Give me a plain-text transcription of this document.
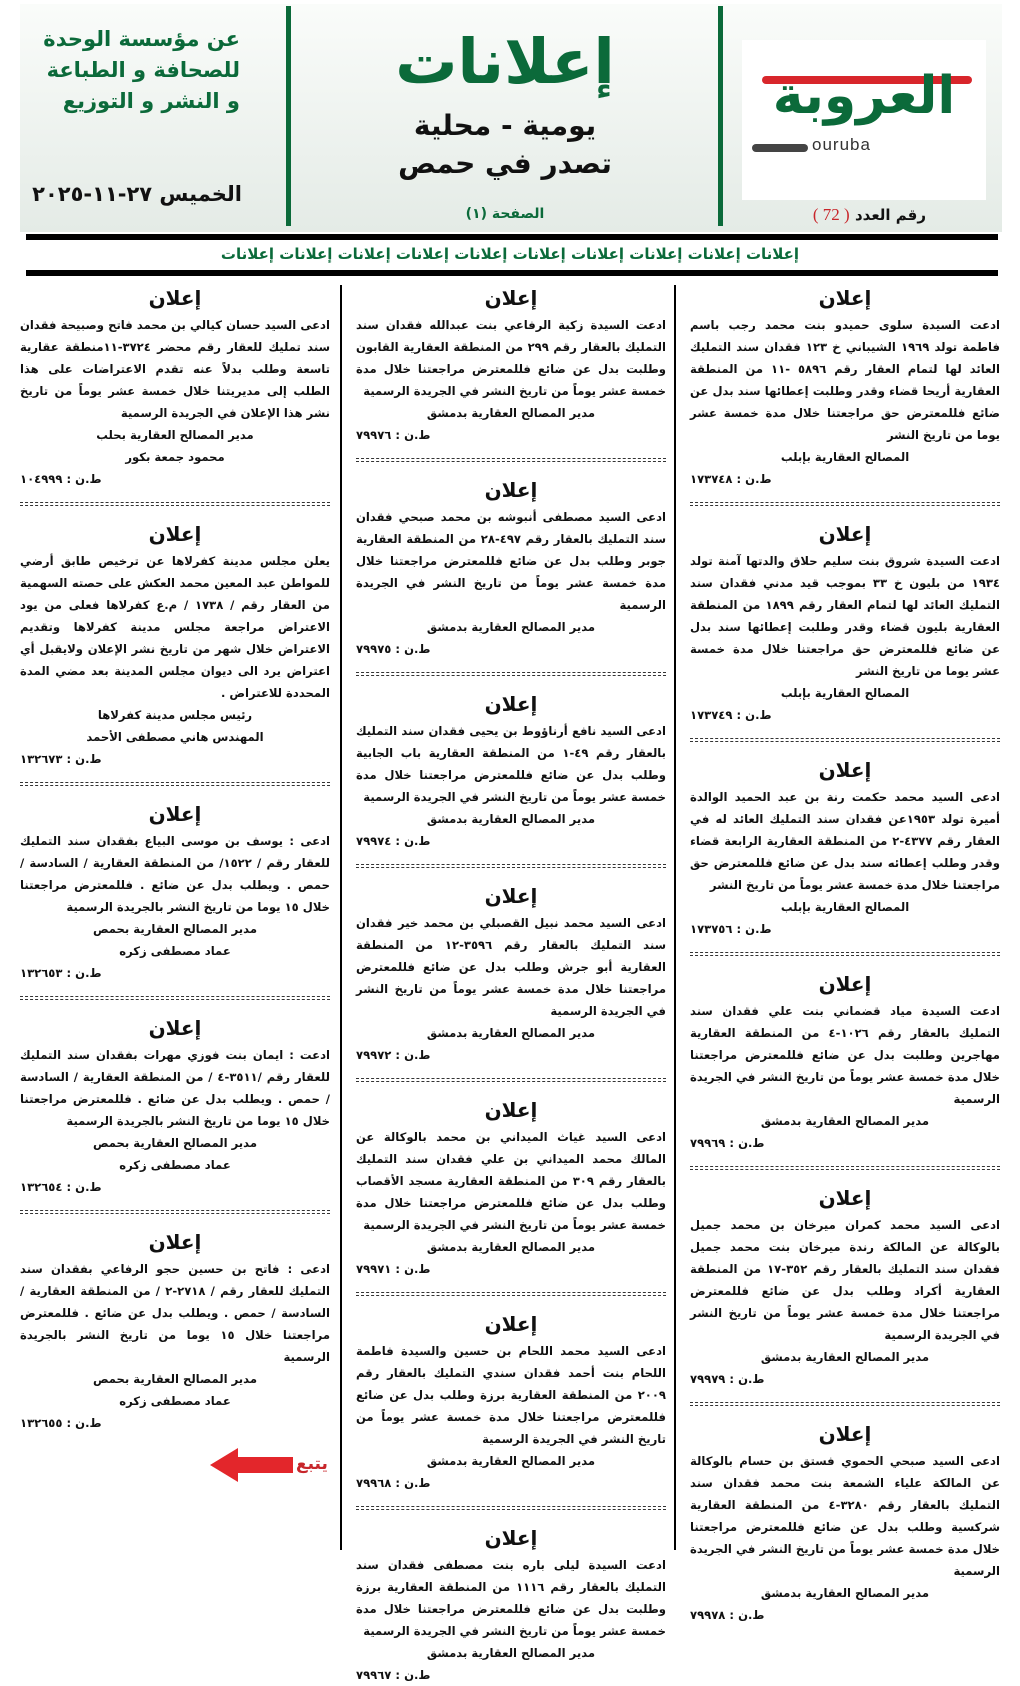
العروبة
ouruba
رقم العدد ( 72 )
إعلانات
يومية - محلية
تصدر في حمص
الصفحة (١)
عن مؤسسة الوحدة
للصحافة و الطباعة
و النشر و التوزيع
الخميس ٢٧-١١-٢٠٢٥
إعلانات إعلانات إعلانات إعلانات إعلانات إعلانات إعلانات إعلانات إعلانات إعلانات
إعلان
ادعت السيدة سلوى حميدو بنت محمد رجب باسم فاطمة تولد ١٩٦٩ الشيباني خ ١٢٣ فقدان سند التمليك العائد لها لتمام العقار رقم ٥٨٩٦ -١١ من المنطقة العقارية أريحا قضاء وقدر وطلبت إعطائها سند بدل عن ضائع فللمعترض حق مراجعتنا خلال مدة خمسة عشر يوما من تاريخ النشر
المصالح العقارية بإبلب
ط.ن : ١٧٣٧٤٨
إعلان
ادعت السيدة شروق بنت سليم حلاق والدتها آمنة تولد ١٩٣٤ من بليون خ ٣٣ بموجب قيد مدني فقدان سند التمليك العائد لها لتمام العقار رقم ١٨٩٩ من المنطقة العقارية بليون قضاء وقدر وطلبت إعطائها سند بدل عن ضائع فللمعترض حق مراجعتنا خلال مدة خمسة عشر يوما من تاريخ النشر
المصالح العقارية بإبلب
ط.ن : ١٧٣٧٤٩
إعلان
ادعى السيد محمد حكمت رنة بن عبد الحميد الوالدة أميرة تولد ١٩٥٣عن فقدان سند التمليك العائد له في العقار رقم ٤٣٧٧-٢ من المنطقة العقارية الرابعة قضاء وقدر وطلب إعطائه سند بدل عن ضائع فللمعترض حق مراجعتنا خلال مدة خمسة عشر يوماً من تاريخ النشر
المصالح العقارية بإبلب
ط.ن : ١٧٣٧٥٦
إعلان
ادعت السيدة مياد قضماني بنت علي فقدان سند التمليك بالعقار رقم ١٠٢٦-٤ من المنطقة العقارية مهاجرين وطلبت بدل عن ضائع فللمعترض مراجعتنا خلال مدة خمسة عشر يوماً من تاريخ النشر في الجريدة الرسمية
مدير المصالح العقارية بدمشق
ط.ن : ٧٩٩٦٩
إعلان
ادعى السيد محمد كمران ميرخان بن محمد جميل بالوكالة عن المالكة رندة ميرخان بنت محمد جميل فقدان سند التمليك بالعقار رقم ٣٥٢-١٧ من المنطقة العقارية أكراد وطلب بدل عن ضائع فللمعترض مراجعتنا خلال مدة خمسة عشر يوماً من تاريخ النشر في الجريدة الرسمية
مدير المصالح العقارية بدمشق
ط.ن : ٧٩٩٧٩
إعلان
ادعى السيد صبحي الحموي فستق بن حسام بالوكالة عن المالكة علياء الشمعة بنت محمد فقدان سند التمليك بالعقار رقم ٣٢٨٠-٤ من المنطقة العقارية شركسية وطلب بدل عن ضائع فللمعترض مراجعتنا خلال مدة خمسة عشر يوماً من تاريخ النشر في الجريدة الرسمية
مدير المصالح العقارية بدمشق
ط.ن : ٧٩٩٧٨
إعلان
ادعت السيدة زكية الرفاعي بنت عبدالله فقدان سند التمليك بالعقار رقم ٢٩٩ من المنطقة العقارية القابون وطلبت بدل عن ضائع فللمعترض مراجعتنا خلال مدة خمسة عشر يوماً من تاريخ النشر في الجريدة الرسمية
مدير المصالح العقارية بدمشق
ط.ن : ٧٩٩٧٦
إعلان
ادعى السيد مصطفى أنبوشه بن محمد صبحي فقدان سند التمليك بالعقار رقم ٤٩٧-٢٨ من المنطقة العقارية جوبر وطلب بدل عن ضائع فللمعترض مراجعتنا خلال مدة خمسة عشر يوماً من تاريخ النشر في الجريدة الرسمية
مدير المصالح العقارية بدمشق
ط.ن : ٧٩٩٧٥
إعلان
ادعى السيد نافع أرناؤوط بن يحيى فقدان سند التمليك بالعقار رقم ٤٩-١ من المنطقة العقارية باب الجابية وطلب بدل عن ضائع فللمعترض مراجعتنا خلال مدة خمسة عشر يوماً من تاريخ النشر في الجريدة الرسمية
مدير المصالح العقارية بدمشق
ط.ن : ٧٩٩٧٤
إعلان
ادعى السيد محمد نبيل القصبلي بن محمد خير فقدان سند التمليك بالعقار رقم ٣٥٩٦-١٢ من المنطقة العقارية أبو جرش وطلب بدل عن ضائع فللمعترض مراجعتنا خلال مدة خمسة عشر يوماً من تاريخ النشر في الجريدة الرسمية
مدير المصالح العقارية بدمشق
ط.ن : ٧٩٩٧٢
إعلان
ادعى السيد غياث الميداني بن محمد بالوكالة عن المالك محمد الميداني بن علي فقدان سند التمليك بالعقار رقم ٣٠٩ من المنطقة العقارية مسجد الأقصاب وطلب بدل عن ضائع فللمعترض مراجعتنا خلال مدة خمسة عشر يوماً من تاريخ النشر في الجريدة الرسمية
مدير المصالح العقارية بدمشق
ط.ن : ٧٩٩٧١
إعلان
ادعى السيد محمد اللحام بن حسين والسيدة فاطمة اللحام بنت أحمد فقدان سندي التمليك بالعقار رقم ٢٠٠٩ من المنطقة العقارية برزة وطلب بدل عن ضائع فللمعترض مراجعتنا خلال مدة خمسة عشر يوماً من تاريخ النشر في الجريدة الرسمية
مدير المصالح العقارية بدمشق
ط.ن : ٧٩٩٦٨
إعلان
ادعت السيدة ليلى باره بنت مصطفى فقدان سند التمليك بالعقار رقم ١١١٦ من المنطقة العقارية برزة وطلبت بدل عن ضائع فللمعترض مراجعتنا خلال مدة خمسة عشر يوماً من تاريخ النشر في الجريدة الرسمية
مدير المصالح العقارية بدمشق
ط.ن : ٧٩٩٦٧
إعلان
ادعى السيد حسان كيالي بن محمد فاتح وصبيحة فقدان سند تمليك للعقار رقم محضر ٣٧٢٤-١١منطقة عقارية تاسعة وطلب بدلاً عنه تقدم الاعتراضات على هذا الطلب إلى مديريتنا خلال خمسة عشر يوماً من تاريخ نشر هذا الإعلان في الجريدة الرسمية
مدير المصالح العقارية بحلب
محمود جمعة بكور
ط.ن : ١٠٤٩٩٩
إعلان
يعلن مجلس مدينة كفرلاها عن ترخيص طابق أرضي للمواطن عبد المعين محمد العكش على حصته السهمية من العقار رقم / ١٧٣٨ / م.ع كفرلاها فعلى من يود الاعتراض مراجعة مجلس مدينة كفرلاها وتقديم الاعتراض خلال شهر من تاريخ نشر الإعلان ولايقبل أي اعتراض يرد الى ديوان مجلس المدينة بعد مضي المدة المحددة للاعتراض .
رئيس مجلس مدينة كفرلاها
المهندس هاني مصطفى الأحمد
ط.ن : ١٣٢٦٧٣
إعلان
ادعى : يوسف بن موسى البياع بفقدان سند التمليك للعقار رقم / ١٥٢٢/ من المنطقة العقارية / السادسة / حمص . ويطلب بدل عن ضائع . فللمعترض مراجعتنا خلال ١٥ يوما من تاريخ النشر بالجريدة الرسمية
مدير المصالح العقارية بحمص
عماد مصطفى زكره
ط.ن : ١٣٢٦٥٣
إعلان
ادعت : ايمان بنت فوزي مهرات بفقدان سند التمليك للعقار رقم /٣٥١١-٤ / من المنطقة العقارية / السادسة / حمص . ويطلب بدل عن ضائع . فللمعترض مراجعتنا خلال ١٥ يوما من تاريخ النشر بالجريدة الرسمية
مدير المصالح العقارية بحمص
عماد مصطفى زكره
ط.ن : ١٣٢٦٥٤
إعلان
ادعى : فاتح بن حسين حجو الرفاعي بفقدان سند التمليك للعقار رقم / ٢٧١٨-٢ / من المنطقة العقارية / السادسة / حمص . ويطلب بدل عن ضائع . فللمعترض مراجعتنا خلال ١٥ يوما من تاريخ النشر بالجريدة الرسمية
مدير المصالح العقارية بحمص
عماد مصطفى زكره
ط.ن : ١٣٢٦٥٥
يتبع
